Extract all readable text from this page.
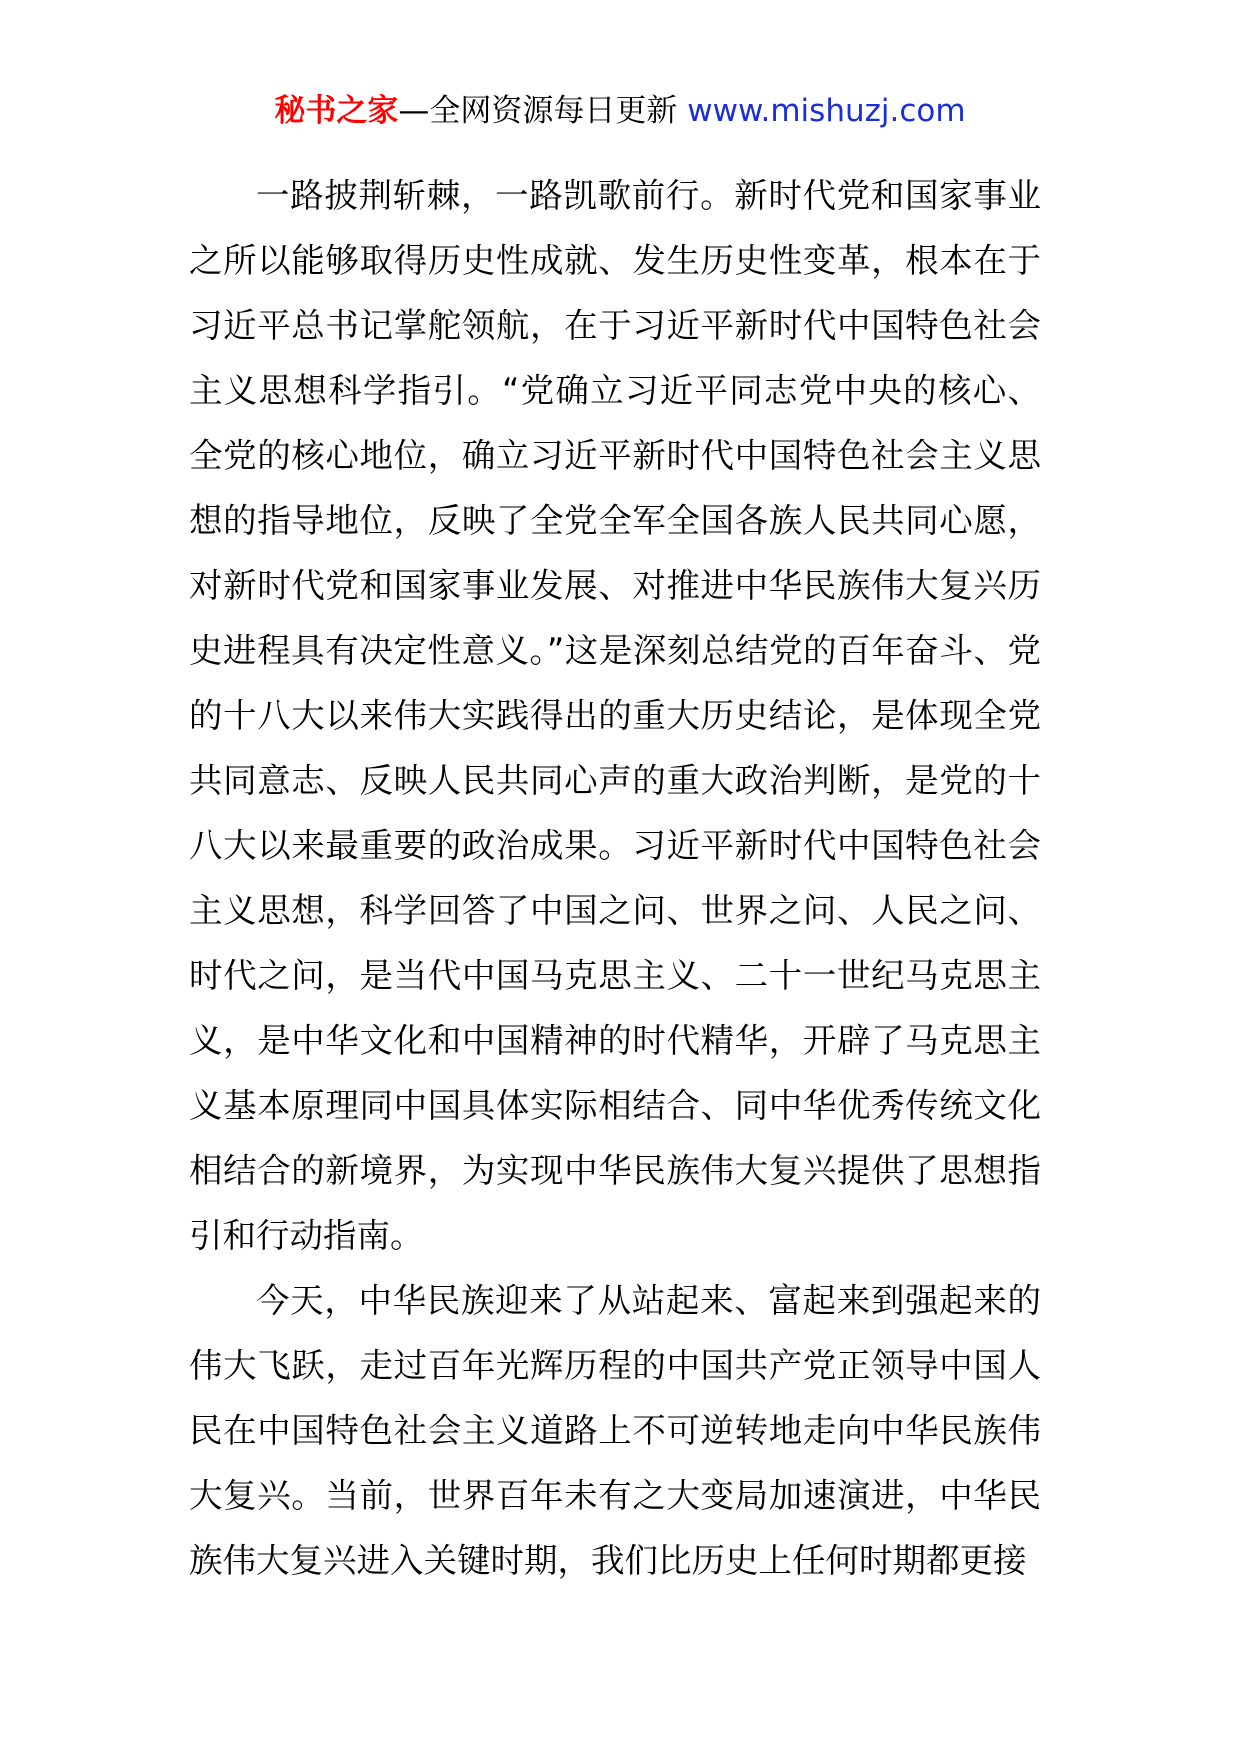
秘书之家—全网资源每日更新 www.mishuzj.com

一路披荆斩棘，一路凯歌前行。新时代党和国家事业之所以能够取得历史性成就、发生历史性变革，根本在于习近平总书记掌舵领航，在于习近平新时代中国特色社会主义思想科学指引。“党确立习近平同志党中央的核心、全党的核心地位，确立习近平新时代中国特色社会主义思想的指导地位，反映了全党全军全国各族人民共同心愿，对新时代党和国家事业发展、对推进中华民族伟大复兴历史进程具有决定性意义。”这是深刻总结党的百年奋斗、党的十八大以来伟大实践得出的重大历史结论，是体现全党共同意志、反映人民共同心声的重大政治判断，是党的十八大以来最重要的政治成果。习近平新时代中国特色社会主义思想，科学回答了中国之问、世界之问、人民之问、时代之问，是当代中国马克思主义、二十一世纪马克思主义，是中华文化和中国精神的时代精华，开辟了马克思主义基本原理同中国具体实际相结合、同中华优秀传统文化相结合的新境界，为实现中华民族伟大复兴提供了思想指引和行动指南。

今天，中华民族迎来了从站起来、富起来到强起来的伟大飞跃，走过百年光辉历程的中国共产党正领导中国人民在中国特色社会主义道路上不可逆转地走向中华民族伟大复兴。当前，世界百年未有之大变局加速演进，中华民族伟大复兴进入关键时期，我们比历史上任何时期都更接
